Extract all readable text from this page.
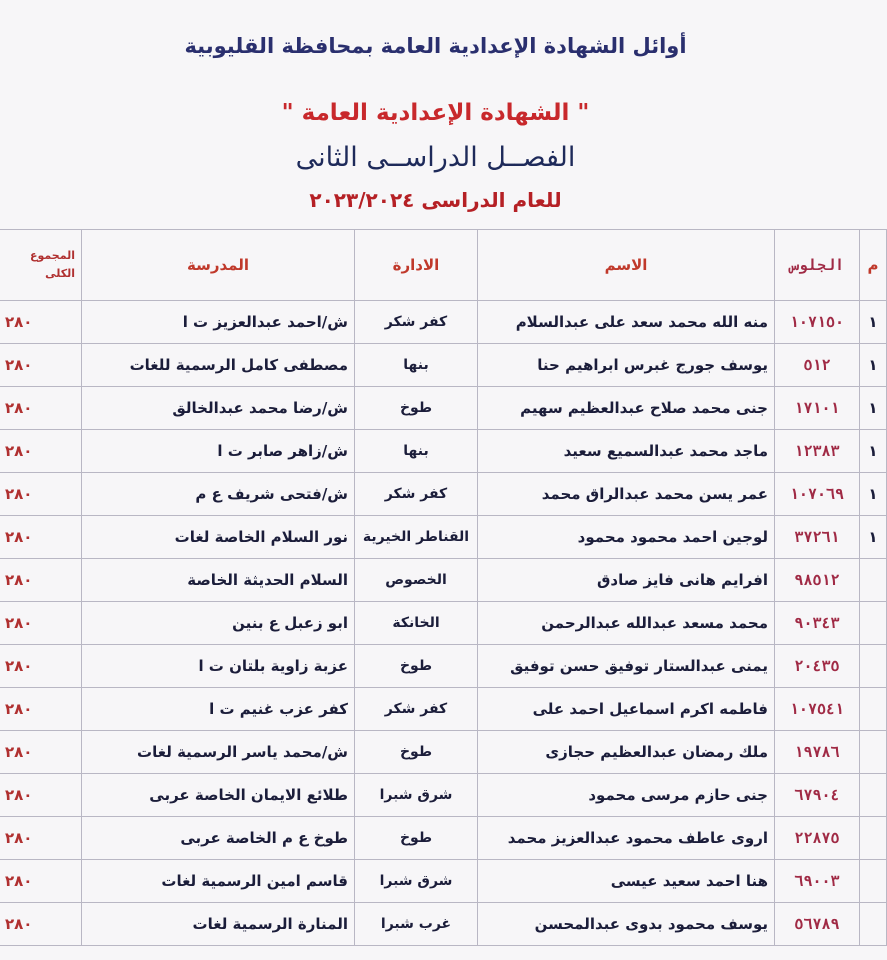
أوائل الشهادة الإعدادية العامة بمحافظة القليوبية
" الشهادة الإعدادية العامة "
الفصــل الدراســى الثانى
للعام الدراسى ٢٠٢٣/٢٠٢٤
م	الجلوس	الاسم	الادارة	المدرسة	المجموع الكلى
١	١٠٧١٥٠	منه الله محمد سعد على عبدالسلام	كفر شكر	ش/احمد عبدالعزيز ت ا	٢٨٠
١	٥١٢	يوسف جورج غبرس ابراهيم حنا	بنها	مصطفى كامل الرسمية للغات	٢٨٠
١	١٧١٠١	جنى محمد صلاح عبدالعظيم سهيم	طوخ	ش/رضا محمد عبدالخالق	٢٨٠
١	١٢٣٨٣	ماجد محمد عبدالسميع سعيد	بنها	ش/زاهر صابر ت ا	٢٨٠
١	١٠٧٠٦٩	عمر يسن محمد عبدالراق محمد	كفر شكر	ش/فتحى شريف ع م	٢٨٠
١	٣٧٢٦١	لوجين احمد محمود محمود	القناطر الخيرية	نور السلام الخاصة لغات	٢٨٠
	٩٨٥١٢	افرايم هانى فايز صادق	الخصوص	السلام الحديثة الخاصة	٢٨٠
	٩٠٣٤٣	محمد مسعد عبدالله عبدالرحمن	الخانكة	ابو زعبل ع بنين	٢٨٠
	٢٠٤٣٥	يمنى عبدالستار توفيق حسن توفيق	طوخ	عزبة زاوية بلتان ت ا	٢٨٠
	١٠٧٥٤١	فاطمه اكرم اسماعيل احمد على	كفر شكر	كفر عزب غنيم ت ا	٢٨٠
	١٩٧٨٦	ملك رمضان عبدالعظيم حجازى	طوخ	ش/محمد ياسر الرسمية لغات	٢٨٠
	٦٧٩٠٤	جنى حازم مرسى محمود	شرق شبرا	طلائع الايمان الخاصة عربى	٢٨٠
	٢٢٨٧٥	اروى عاطف محمود عبدالعزيز محمد	طوخ	طوخ ع م الخاصة عربى	٢٨٠
	٦٩٠٠٣	هنا احمد سعيد عيسى	شرق شبرا	قاسم امين الرسمية لغات	٢٨٠
	٥٦٧٨٩	يوسف محمود بدوى عبدالمحسن	غرب شبرا	المنارة الرسمية لغات	٢٨٠
